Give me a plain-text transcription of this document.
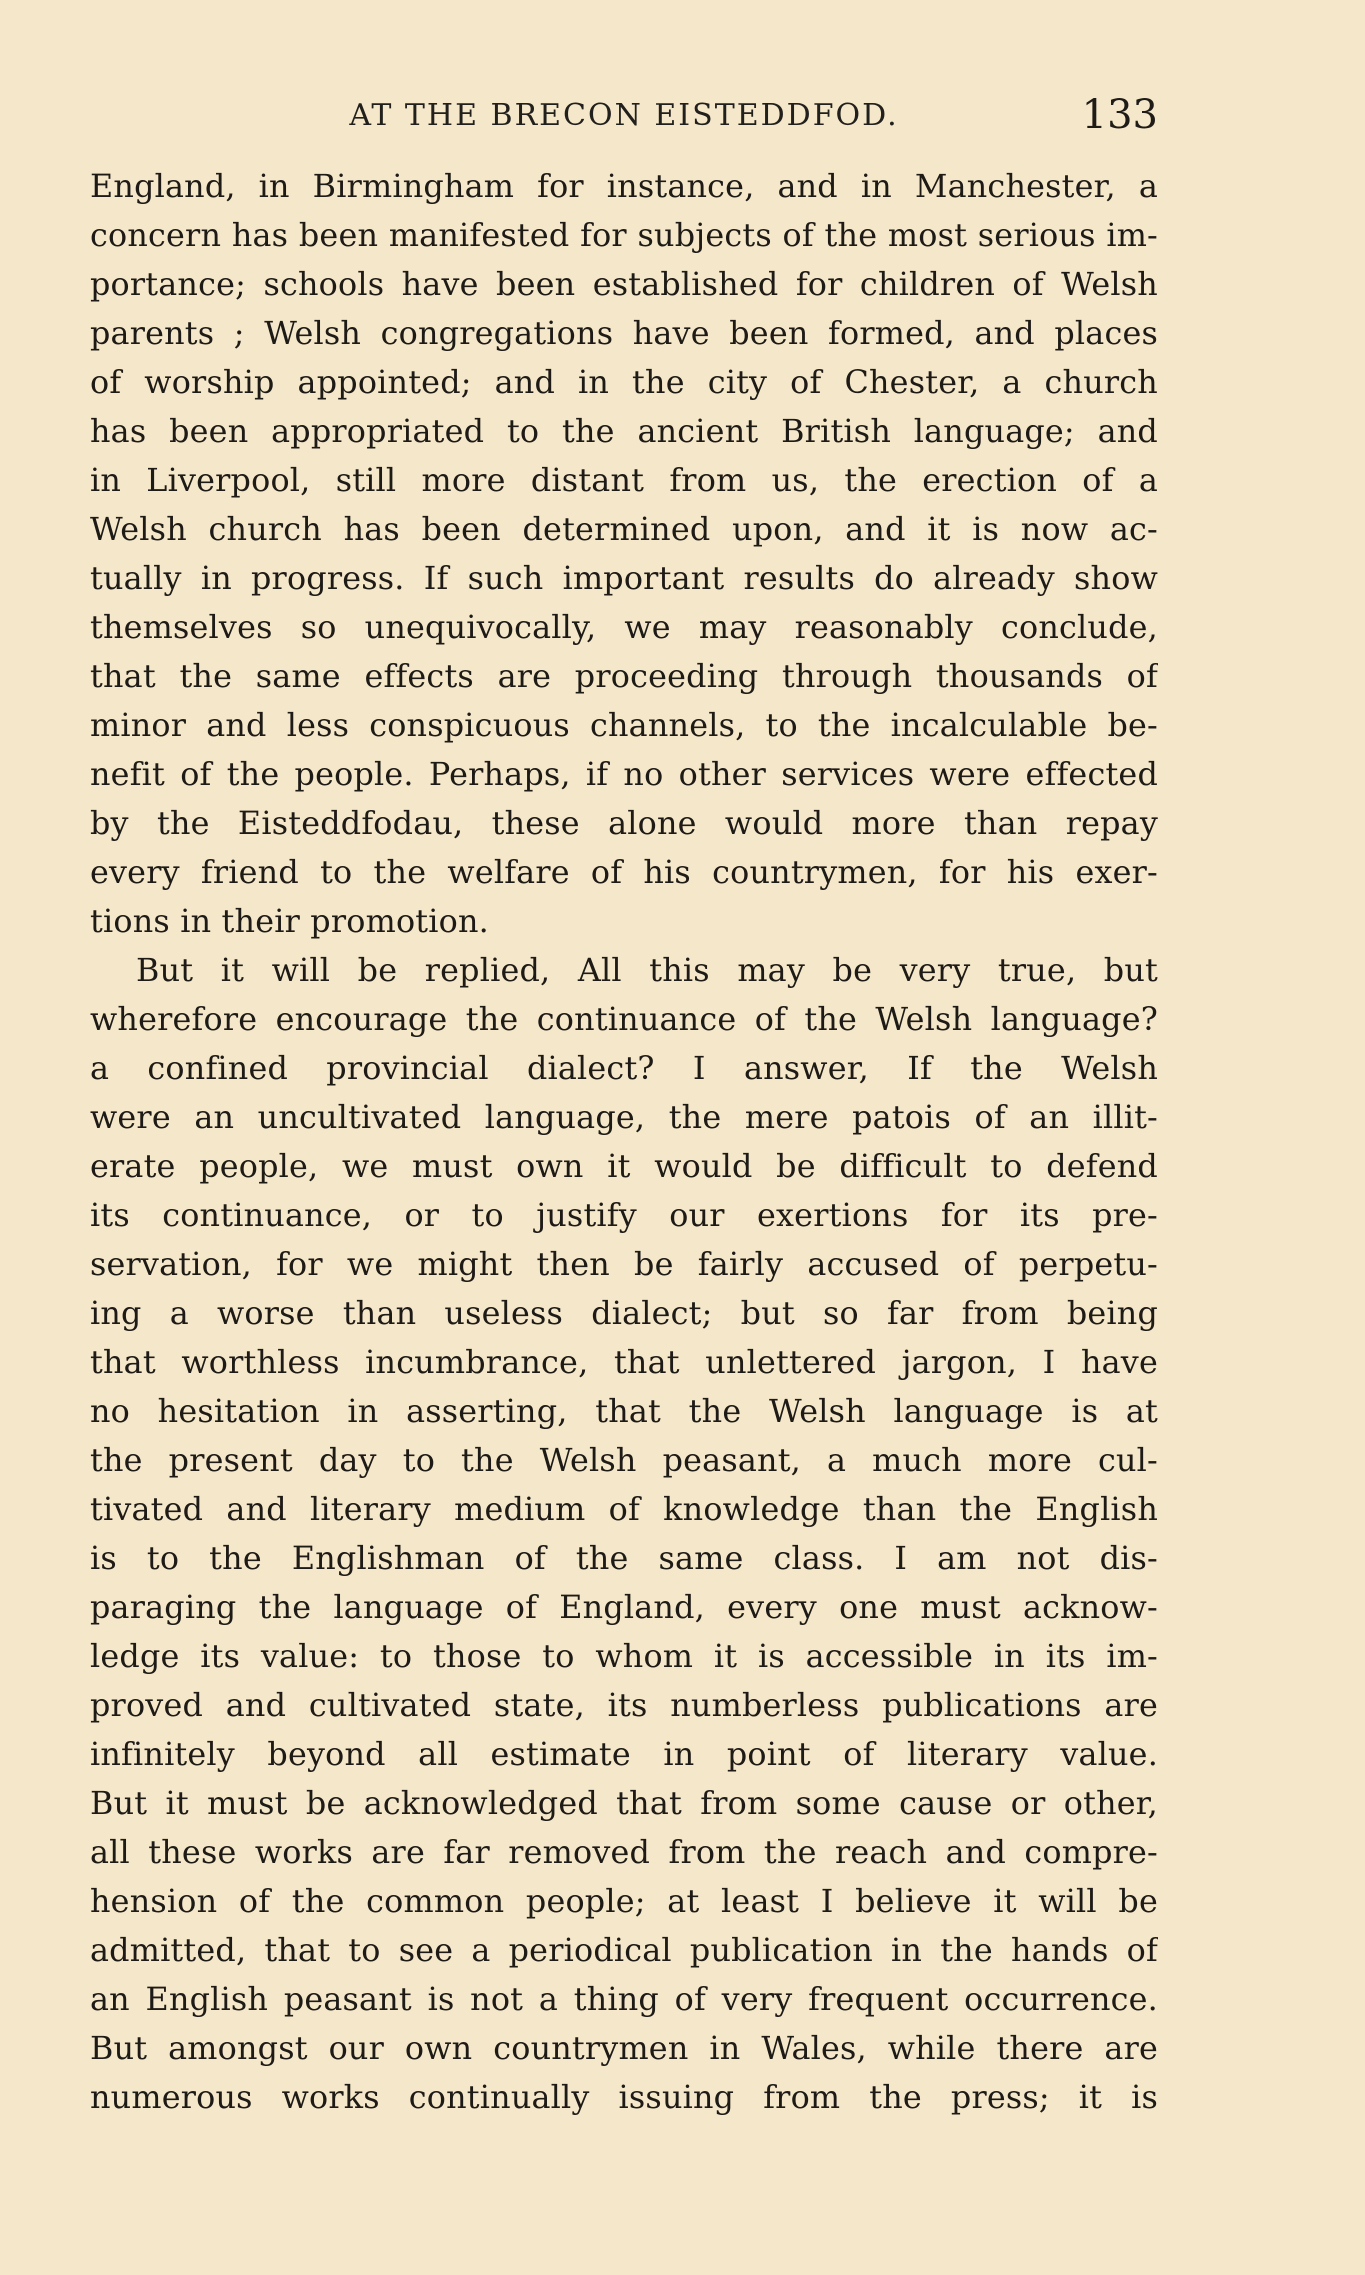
AT THE BRECON EISTEDDFOD.	133
England, in Birmingham for instance, and in Manchester, a
concern has been manifested for subjects of the most serious im-
portance; schools have been established for children of Welsh
parents ; Welsh congregations have been formed, and places
of worship appointed; and in the city of Chester, a church
has been appropriated to the ancient British language; and
in Liverpool, still more distant from us, the erection of a
Welsh church has been determined upon, and it is now ac-
tually in progress. If such important results do already show
themselves so unequivocally, we may reasonably conclude,
that the same effects are proceeding through thousands of
minor and less conspicuous channels, to the incalculable be-
nefit of the people. Perhaps, if no other services were effected
by the Eisteddfodau, these alone would more than repay
every friend to the welfare of his countrymen, for his exer-
tions in their promotion.
But it will be replied, All this may be very true, but
wherefore encourage the continuance of the Welsh language?
a confined provincial dialect? I answer, If the Welsh
were an uncultivated language, the mere patois of an illit-
erate people, we must own it would be difficult to defend
its continuance, or to justify our exertions for its pre-
servation, for we might then be fairly accused of perpetu-
ing a worse than useless dialect; but so far from being
that worthless incumbrance, that unlettered jargon, I have
no hesitation in asserting, that the Welsh language is at
the present day to the Welsh peasant, a much more cul-
tivated and literary medium of knowledge than the English
is to the Englishman of the same class. I am not dis-
paraging the language of England, every one must acknow-
ledge its value: to those to whom it is accessible in its im-
proved and cultivated state, its numberless publications are
infinitely beyond all estimate in point of literary value.
But it must be acknowledged that from some cause or other,
all these works are far removed from the reach and compre-
hension of the common people; at least I believe it will be
admitted, that to see a periodical publication in the hands of
an English peasant is not a thing of very frequent occurrence.
But amongst our own countrymen in Wales, while there are
numerous works continually issuing from the press; it is
